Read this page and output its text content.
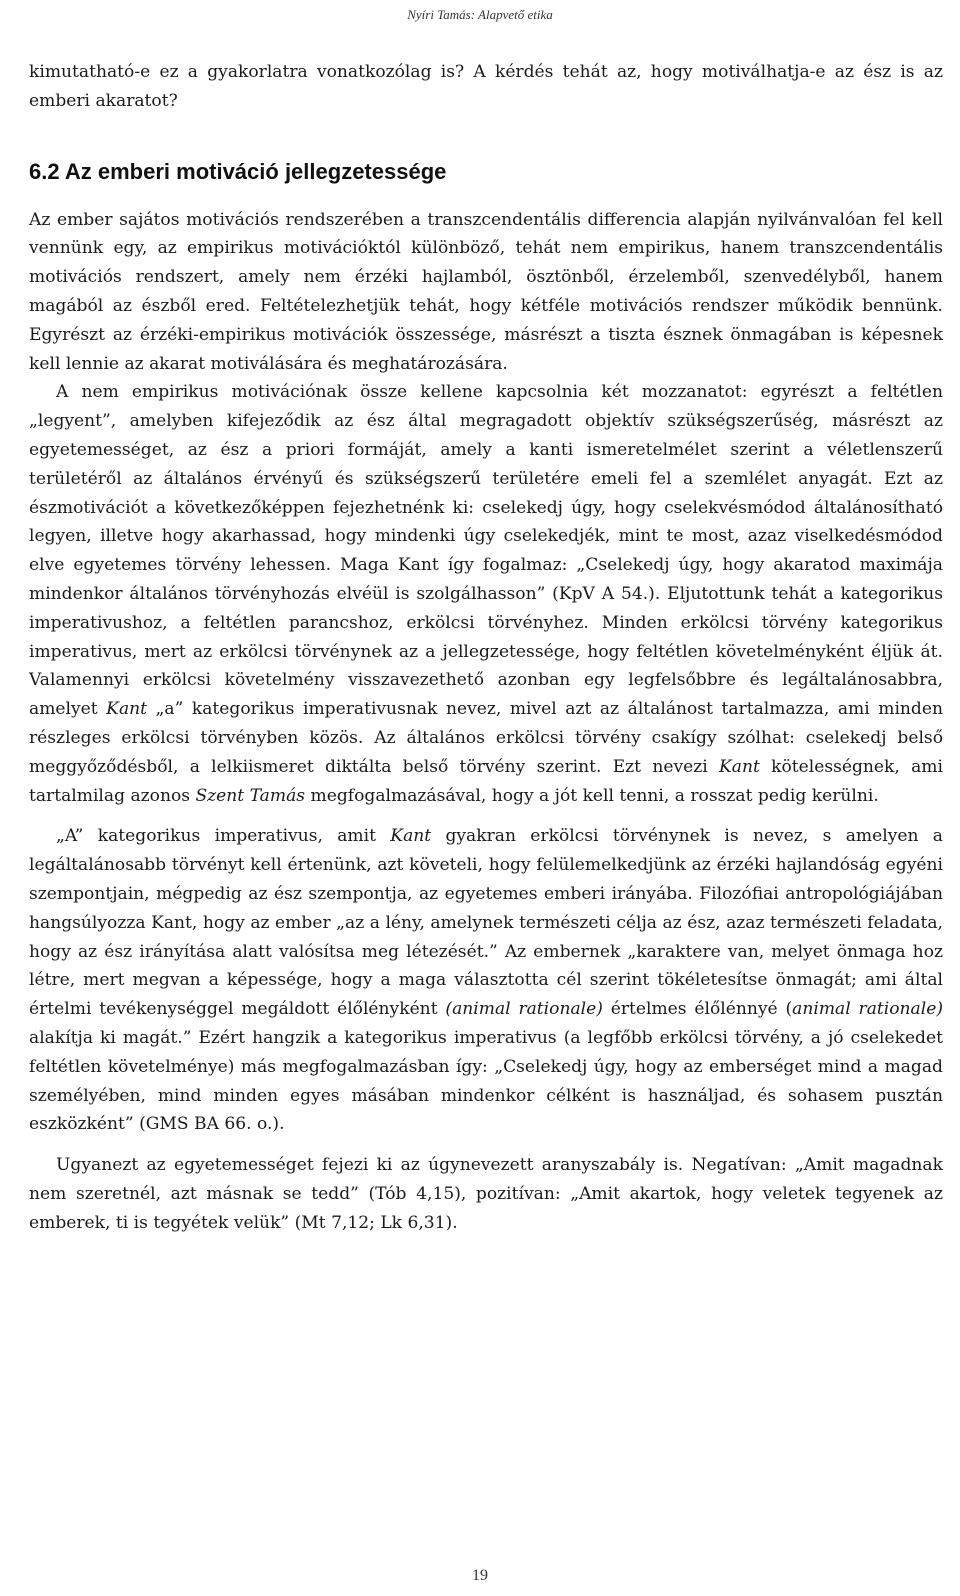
Nyíri Tamás: Alapvető etika

kimutatható-e ez a gyakorlatra vonatkozólag is? A kérdés tehát az, hogy motiválhatja-e az ész is az emberi akaratot?

6.2 Az emberi motiváció jellegzetessége

Az ember sajátos motivációs rendszerében a transzcendentális differencia alapján nyilvánvalóan fel kell vennünk egy, az empirikus motivációktól különböző, tehát nem empirikus, hanem transzcendentális motivációs rendszert, amely nem érzéki hajlamból, ösztönből, érzelemből, szenvedélyből, hanem magából az észből ered. Feltételezhetjük tehát, hogy kétféle motivációs rendszer működik bennünk. Egyrészt az érzéki-empirikus motivációk összessége, másrészt a tiszta észnek önmagában is képesnek kell lennie az akarat motiválására és meghatározására.

A nem empirikus motivációnak össze kellene kapcsolnia két mozzanatot: egyrészt a feltétlen „legyent”, amelyben kifejeződik az ész által megragadott objektív szükségszerűség, másrészt az egyetemességet, az ész a priori formáját, amely a kanti ismeretelmélet szerint a véletlenszerű területéről az általános érvényű és szükségszerű területére emeli fel a szemlélet anyagát. Ezt az észmotivációt a következőképpen fejezhetnénk ki: cselekedj úgy, hogy cselekvésmódod általánosítható legyen, illetve hogy akarhassad, hogy mindenki úgy cselekedjék, mint te most, azaz viselkedésmódod elve egyetemes törvény lehessen. Maga Kant így fogalmaz: „Cselekedj úgy, hogy akaratod maximája mindenkor általános törvényhozás elvéül is szolgálhasson” (KpV A 54.). Eljutottunk tehát a kategorikus imperativushoz, a feltétlen parancshoz, erkölcsi törvényhez. Minden erkölcsi törvény kategorikus imperativus, mert az erkölcsi törvénynek az a jellegzetessége, hogy feltétlen követelményként éljük át. Valamennyi erkölcsi követelmény visszavezethető azonban egy legfelsőbbre és legáltalánosabbra, amelyet Kant „a” kategorikus imperativusnak nevez, mivel azt az általánost tartalmazza, ami minden részleges erkölcsi törvényben közös. Az általános erkölcsi törvény csakígy szólhat: cselekedj belső meggyőződésből, a lelkiismeret diktálta belső törvény szerint. Ezt nevezi Kant kötelességnek, ami tartalmilag azonos Szent Tamás megfogalmazásával, hogy a jót kell tenni, a rosszat pedig kerülni.

„A” kategorikus imperativus, amit Kant gyakran erkölcsi törvénynek is nevez, s amelyen a legáltalánosabb törvényt kell értenünk, azt követeli, hogy felülemelkedjünk az érzéki hajlandóság egyéni szempontjain, mégpedig az ész szempontja, az egyetemes emberi irányába. Filozófiai antropológiájában hangsúlyozza Kant, hogy az ember „az a lény, amelynek természeti célja az ész, azaz természeti feladata, hogy az ész irányítása alatt valósítsa meg létezését.” Az embernek „karaktere van, melyet önmaga hoz létre, mert megvan a képessége, hogy a maga választotta cél szerint tökéletesítse önmagát; ami által értelmi tevékenységgel megáldott élőlényként (animal rationale) értelmes élőlénnyé (animal rationale) alakítja ki magát.” Ezért hangzik a kategorikus imperativus (a legfőbb erkölcsi törvény, a jó cselekedet feltétlen követelménye) más megfogalmazásban így: „Cselekedj úgy, hogy az emberséget mind a magad személyében, mind minden egyes másában mindenkor célként is használjad, és sohasem pusztán eszközként” (GMS BA 66. o.).

Ugyanezt az egyetemességet fejezi ki az úgynevezett aranyszabály is. Negatívan: „Amit magadnak nem szeretnél, azt másnak se tedd” (Tób 4,15), pozitívan: „Amit akartok, hogy veletek tegyenek az emberek, ti is tegyétek velük” (Mt 7,12; Lk 6,31).

19
